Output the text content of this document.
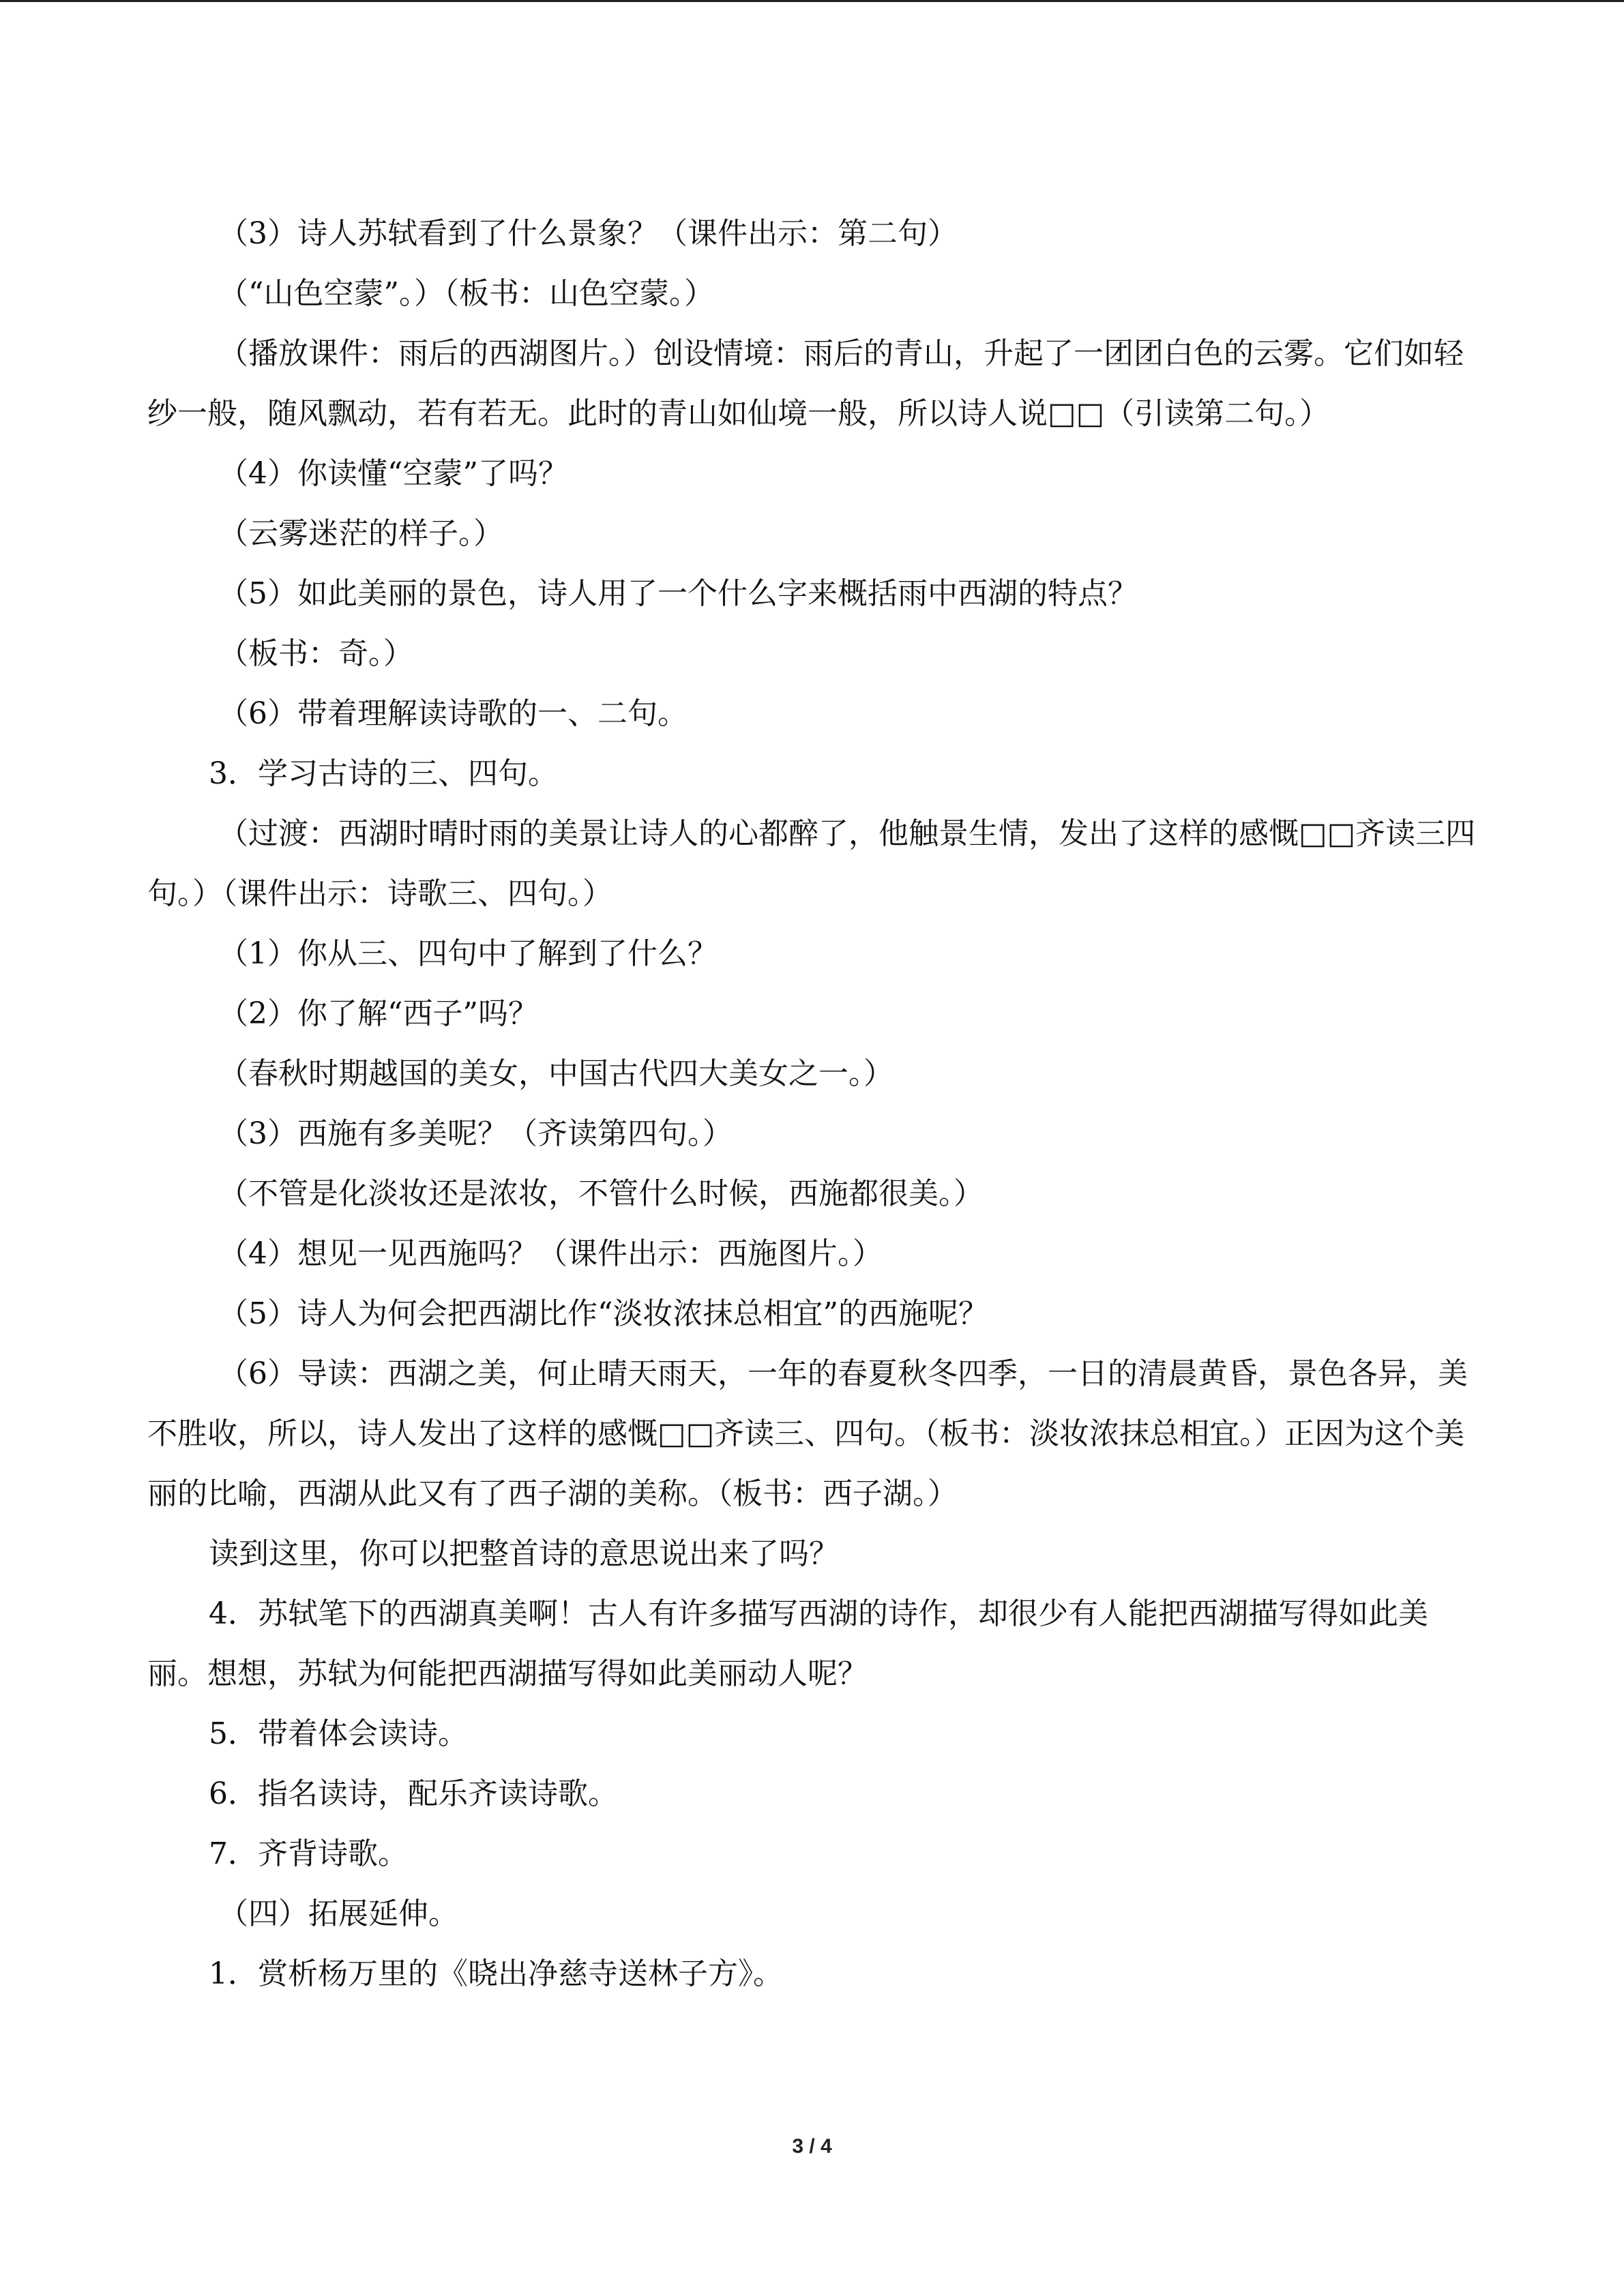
（3）诗人苏轼看到了什么景象？（课件出示：第二句）

（“山色空蒙”。）（板书：山色空蒙。）

（播放课件：雨后的西湖图片。）创设情境：雨后的青山，升起了一团团白色的云雾。它们如轻纱一般，随风飘动，若有若无。此时的青山如仙境一般，所以诗人说□□（引读第二句。）

（4）你读懂“空蒙”了吗？

（云雾迷茫的样子。）

（5）如此美丽的景色，诗人用了一个什么字来概括雨中西湖的特点？

（板书：奇。）

（6）带着理解读诗歌的一、二句。

3．学习古诗的三、四句。

（过渡：西湖时晴时雨的美景让诗人的心都醉了，他触景生情，发出了这样的感慨□□齐读三四句。）（课件出示：诗歌三、四句。）

（1）你从三、四句中了解到了什么？

（2）你了解“西子”吗？

（春秋时期越国的美女，中国古代四大美女之一。）

（3）西施有多美呢？（齐读第四句。）

（不管是化淡妆还是浓妆，不管什么时候，西施都很美。）

（4）想见一见西施吗？（课件出示：西施图片。）

（5）诗人为何会把西湖比作“淡妆浓抹总相宜”的西施呢？

（6）导读：西湖之美，何止晴天雨天，一年的春夏秋冬四季，一日的清晨黄昏，景色各异，美不胜收，所以，诗人发出了这样的感慨□□齐读三、四句。（板书：淡妆浓抹总相宜。）正因为这个美丽的比喻，西湖从此又有了西子湖的美称。（板书：西子湖。）

读到这里，你可以把整首诗的意思说出来了吗？

4．苏轼笔下的西湖真美啊！古人有许多描写西湖的诗作，却很少有人能把西湖描写得如此美丽。想想，苏轼为何能把西湖描写得如此美丽动人呢？

5．带着体会读诗。

6．指名读诗，配乐齐读诗歌。

7．齐背诗歌。

（四）拓展延伸。

1．赏析杨万里的《晓出净慈寺送林子方》。

3 / 4
